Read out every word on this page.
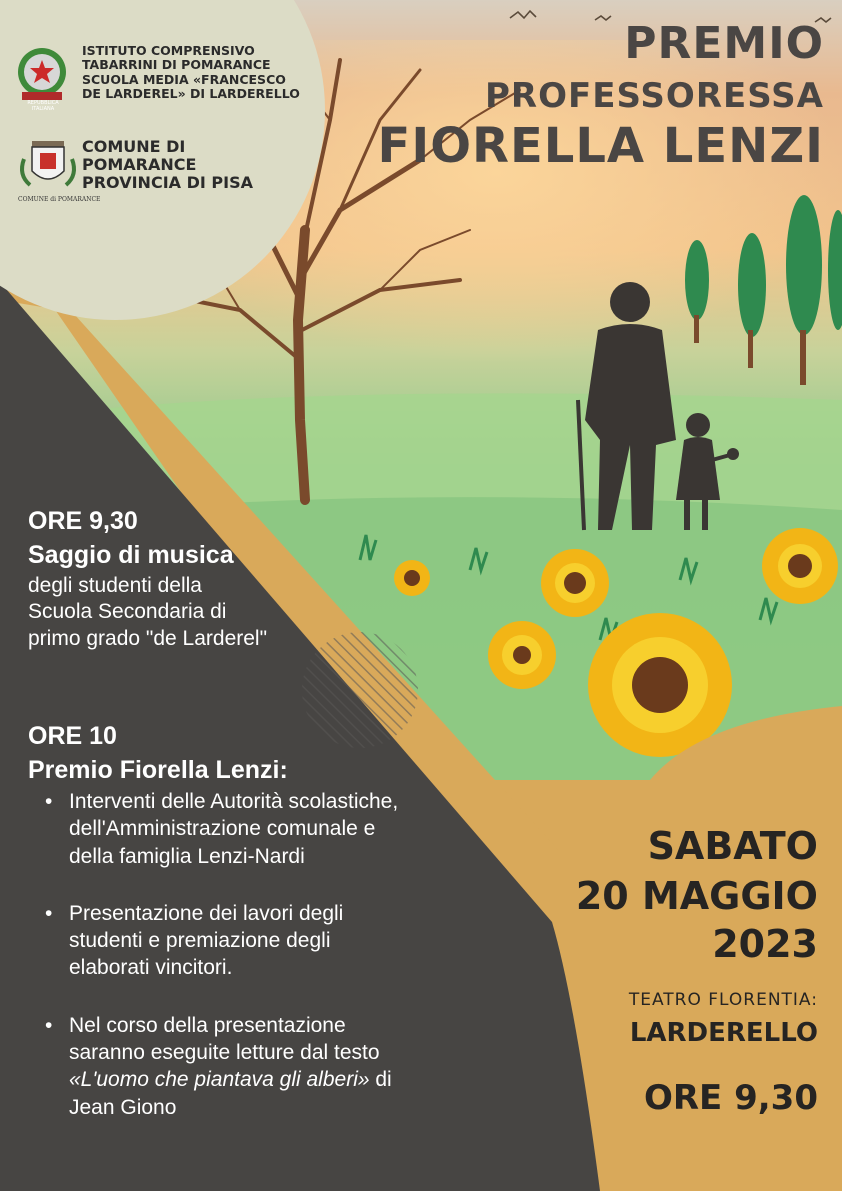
REPUBBLICA ITALIANA
COMUNE di POMARANCE
ISTITUTO COMPRENSIVO
TABARRINI DI POMARANCE
SCUOLA MEDIA «FRANCESCO
DE LARDEREL» DI LARDERELLO
COMUNE DI
POMARANCE
PROVINCIA DI PISA
PREMIO
PROFESSORESSA
FIORELLA LENZI
ORE 9,30
Saggio di musica
degli studenti della
Scuola Secondaria di
primo grado "de Larderel"
ORE 10
Premio Fiorella Lenzi:
• Interventi delle Autorità scolastiche,
dell'Amministrazione comunale e
della famiglia Lenzi-Nardi
• Presentazione dei lavori degli
studenti e premiazione degli
elaborati vincitori.
• Nel corso della presentazione
saranno eseguite letture dal testo
«L'uomo che piantava gli alberi» di
Jean Giono
SABATO
20 MAGGIO
2023
TEATRO FLORENTIA:
LARDERELLO
ORE 9,30
